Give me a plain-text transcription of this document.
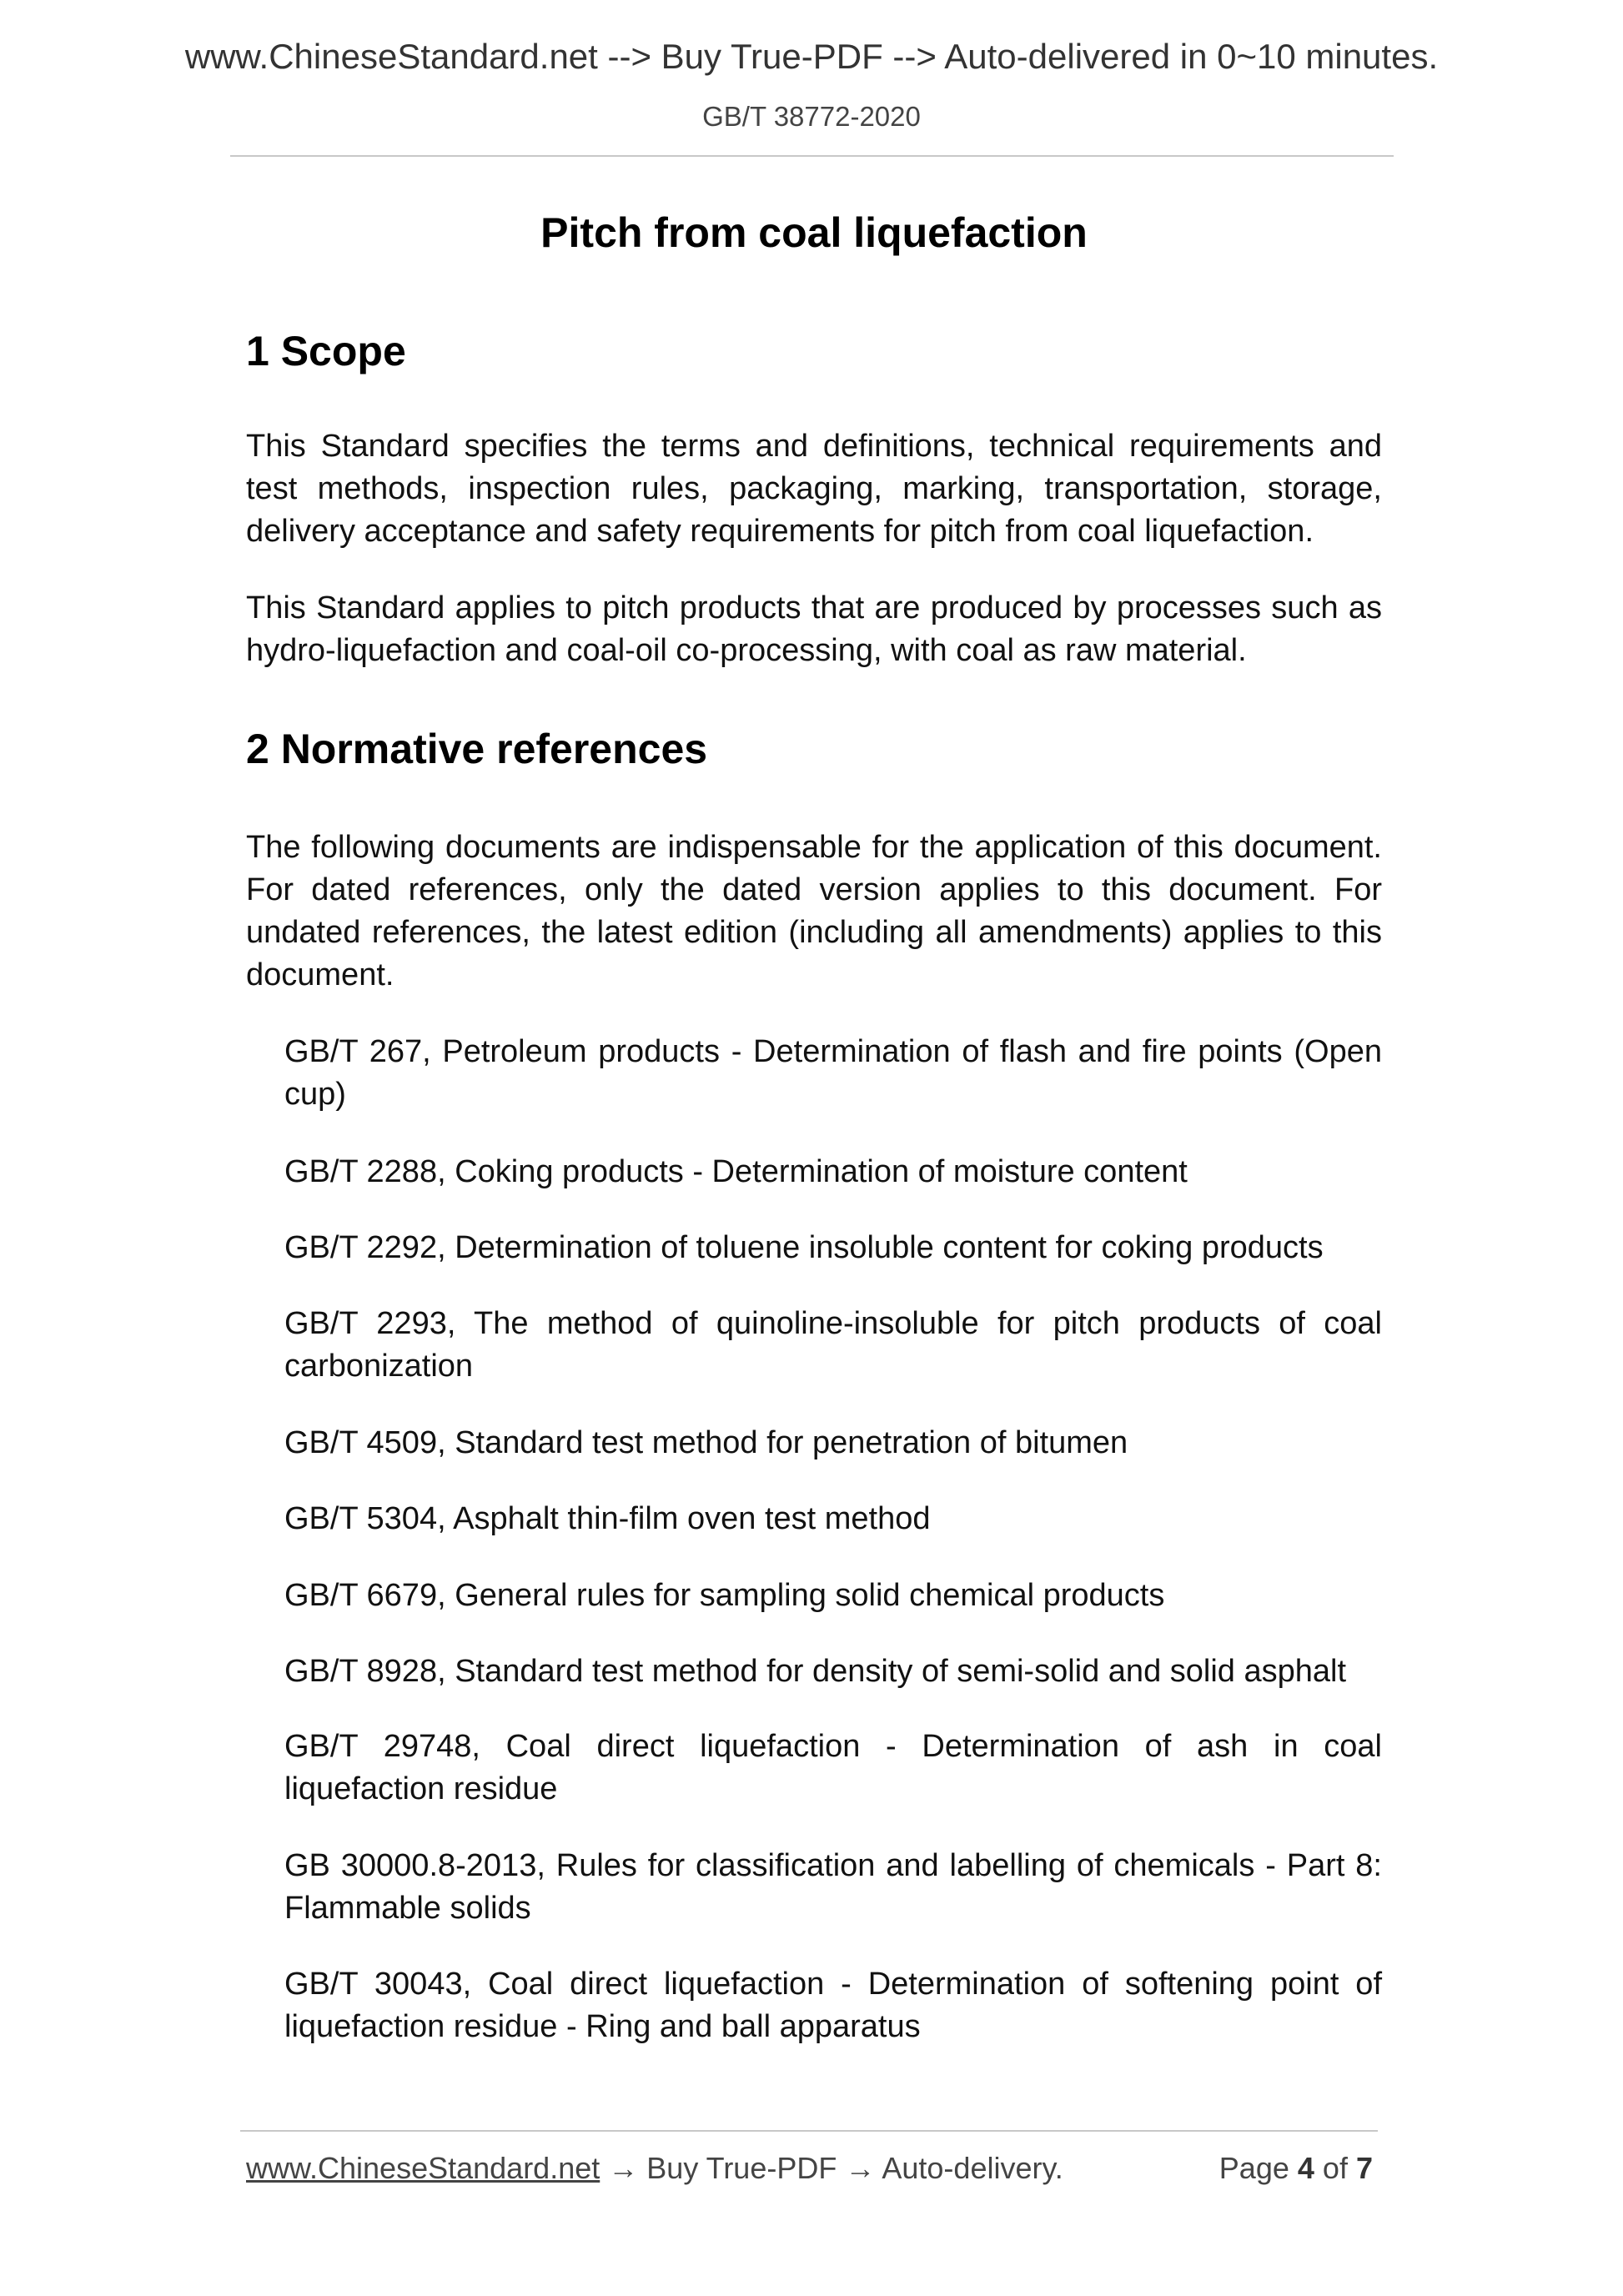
www.ChineseStandard.net --> Buy True-PDF --> Auto-delivered in 0~10 minutes.
GB/T 38772-2020
Pitch from coal liquefaction
1 Scope
This Standard specifies the terms and definitions, technical requirements and test methods, inspection rules, packaging, marking, transportation, storage, delivery acceptance and safety requirements for pitch from coal liquefaction.
This Standard applies to pitch products that are produced by processes such as hydro-liquefaction and coal-oil co-processing, with coal as raw material.
2 Normative references
The following documents are indispensable for the application of this document. For dated references, only the dated version applies to this document. For undated references, the latest edition (including all amendments) applies to this document.
GB/T 267, Petroleum products - Determination of flash and fire points (Open cup)
GB/T 2288, Coking products - Determination of moisture content
GB/T 2292, Determination of toluene insoluble content for coking products
GB/T 2293, The method of quinoline-insoluble for pitch products of coal carbonization
GB/T 4509, Standard test method for penetration of bitumen
GB/T 5304, Asphalt thin-film oven test method
GB/T 6679, General rules for sampling solid chemical products
GB/T 8928, Standard test method for density of semi-solid and solid asphalt
GB/T 29748, Coal direct liquefaction - Determination of ash in coal liquefaction residue
GB 30000.8-2013, Rules for classification and labelling of chemicals - Part 8: Flammable solids
GB/T 30043, Coal direct liquefaction - Determination of softening point of liquefaction residue - Ring and ball apparatus
www.ChineseStandard.net → Buy True-PDF → Auto-delivery.	Page 4 of 7
